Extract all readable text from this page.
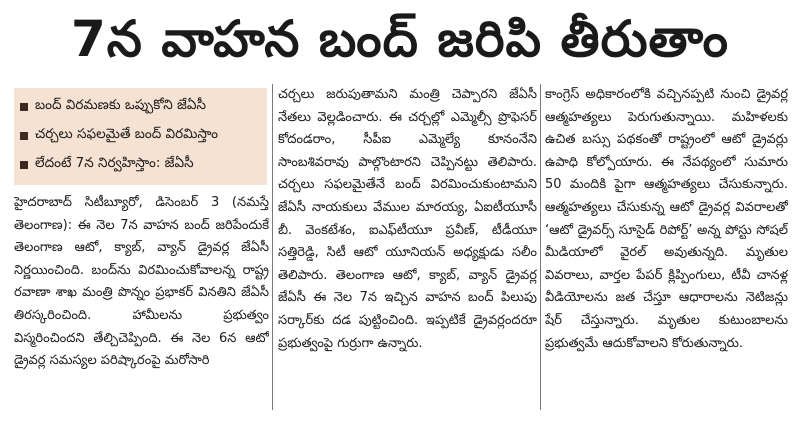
7న వాహన బంద్ జరిపి తీరుతాం
బంద్ విరమణకు ఒప్పుకోని జేఏసీ
చర్చలు సఫలమైతే బంద్ విరమిస్తాం
లేదంటే 7న నిర్వహిస్తాం: జేఏసీ

హైదరాబాద్ సిటీబ్యూరో, డిసెంబర్ 3 (నమస్తే తెలంగాణ): ఈ నెల 7న వాహన బంద్ జరిపేందుకే తెలంగాణ ఆటో, క్యాబ్, వ్యాన్ డ్రైవర్ల జేఏసీ నిర్ణయించింది. బంద్‌ను విరమించుకోవాలన్న రాష్ట్ర రవాణా శాఖ మంత్రి పొన్నం ప్రభాకర్ వినతిని జేఏసీ తిరస్కరించింది. హామీలను ప్రభుత్వం విస్మరించిందని తేల్చిచెప్పింది. ఈ నెల 6న ఆటో డ్రైవర్ల సమస్యల పరిష్కారంపై మరోసారి

చర్చలు జరుపుతామని మంత్రి చెప్పారని జేఏసీ నేతలు వెల్లడించారు. ఈ చర్చల్లో ఎమ్మెల్సీ ప్రొఫెసర్ కోదండరాం, సీపీఐ ఎమ్మెల్యే కూనంనేని సాంబశివరావు పాల్గొంటారని చెప్పినట్టు తెలిపారు. చర్చలు సఫలమైతేనే బంద్ విరమించుకుంటామని జేఏసీ నాయకులు వేముల మారయ్య, ఏఐటీయూసీ బీ. వెంకటేశం, ఐఎఫ్‌టీయూ ప్రవీణ్, టీడీయూ సత్తిరెడ్డి, సిటీ ఆటో యూనియన్ అధ్యక్షుడు సలీం తెలిపారు. తెలంగాణ ఆటో, క్యాబ్, వ్యాన్ డ్రైవర్ల జేఏసీ ఈ నెల 7న ఇచ్చిన వాహన బంద్ పిలుపు సర్కార్‌కు దడ పుట్టించింది. ఇప్పటికే డ్రైవర్లందరూ ప్రభుత్వంపై గుర్రుగా ఉన్నారు.

కాంగ్రెస్ అధికారంలోకి వచ్చినప్పటి నుంచి డ్రైవర్ల ఆత్మహత్యలు పెరుగుతున్నాయి. మహిళలకు ఉచిత బస్సు పథకంతో రాష్ట్రంలో ఆటో డ్రైవర్లు ఉపాధి కోల్పోయారు. ఈ నేపథ్యంలో సుమారు 50 మందికి పైగా ఆత్మహత్యలు చేసుకున్నారు. ఆత్మహత్యలు చేసుకున్న ఆటో డ్రైవర్ల వివరాలతో ‘ఆటో డ్రైవర్స్ సూసైడ్ రిపోర్ట్’ అన్న పోస్టు సోషల్ మీడియాలో వైరల్ అవుతున్నది. మృతుల వివరాలు, వార్తల పేపర్ క్లిప్పింగులు, టీవీ చానళ్ల వీడియోలను జత చేస్తూ ఆధారాలను నెటిజన్లు షేర్ చేస్తున్నారు. మృతుల కుటుంబాలను ప్రభుత్వమే ఆదుకోవాలని కోరుతున్నారు.
